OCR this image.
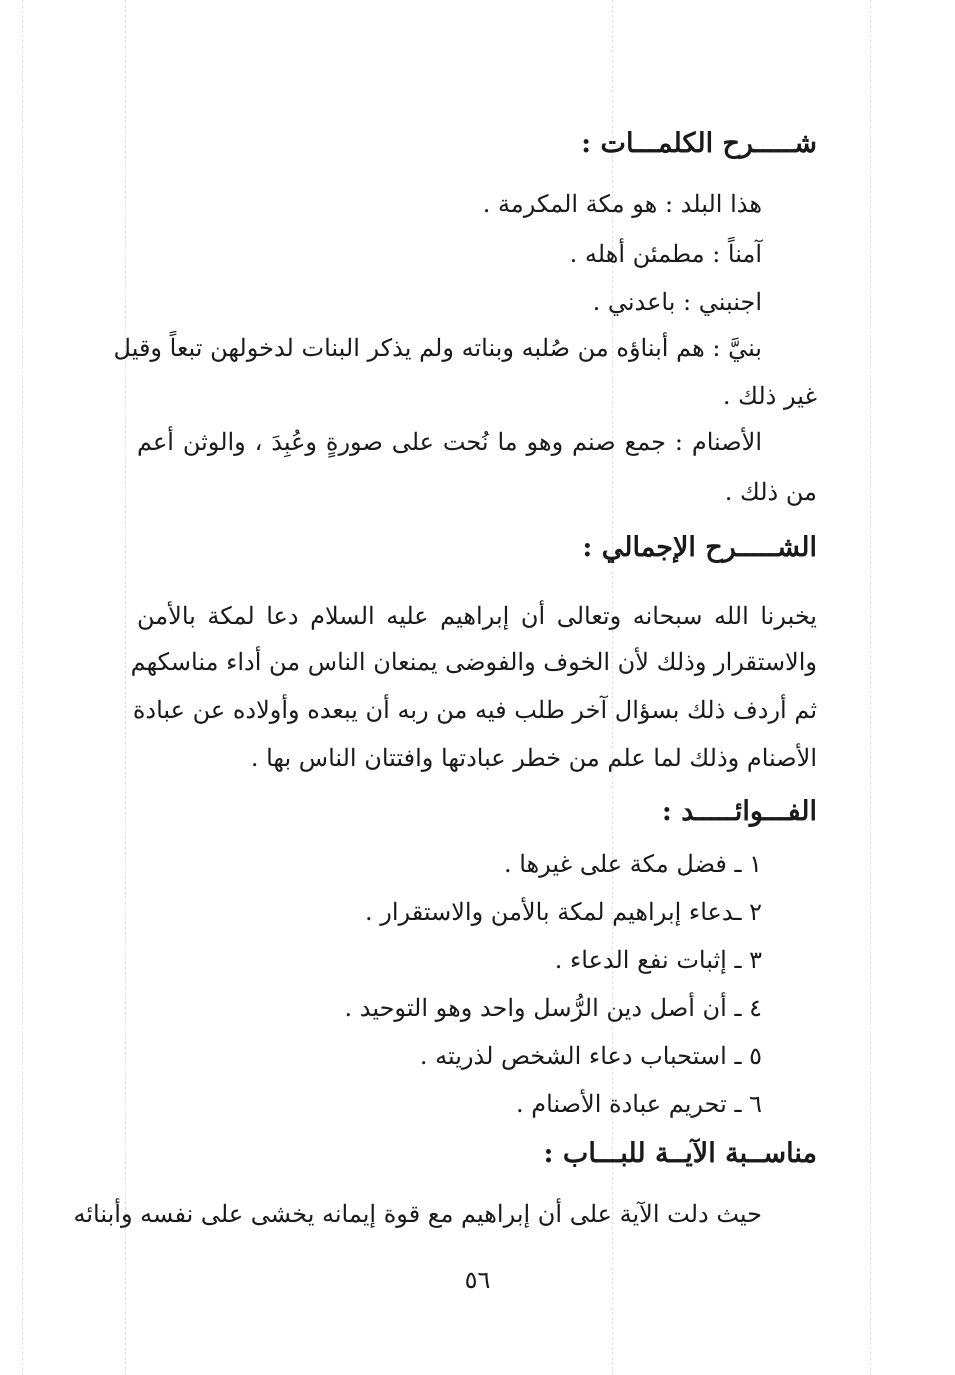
شـــــرح الكلمـــات :
هذا البلد : هو مكة المكرمة .
آمناً : مطمئن أهله .
اجنبني : باعدني .
بنيَّ : هم أبناؤه من صُلبه وبناته ولم يذكر البنات لدخولهن تبعاً وقيل
غير ذلك .
الأصنام : جمع صنم وهو ما نُحت على صورةٍ وعُبِدَ ، والوثن أعم
من ذلك .
الشـــــرح الإجمالي :
يخبرنا الله سبحانه وتعالى أن إبراهيم عليه السلام دعا لمكة بالأمن
والاستقرار وذلك لأن الخوف والفوضى يمنعان الناس من أداء مناسكهم
ثم أردف ذلك بسؤال آخر طلب فيه من ربه أن يبعده وأولاده عن عبادة
الأصنام وذلك لما علم من خطر عبادتها وافتتان الناس بها .
الفـــوائـــــد :
١ ـ فضل مكة على غيرها .
٢ ـدعاء إبراهيم لمكة بالأمن والاستقرار .
٣ ـ إثبات نفع الدعاء .
٤ ـ أن أصل دين الرُّسل واحد وهو التوحيد .
٥ ـ استحباب دعاء الشخص لذريته .
٦ ـ تحريم عبادة الأصنام .
مناســبة الآيــة للبـــاب :
حيث دلت الآية على أن إبراهيم مع قوة إيمانه يخشى على نفسه وأبنائه
٥٦
